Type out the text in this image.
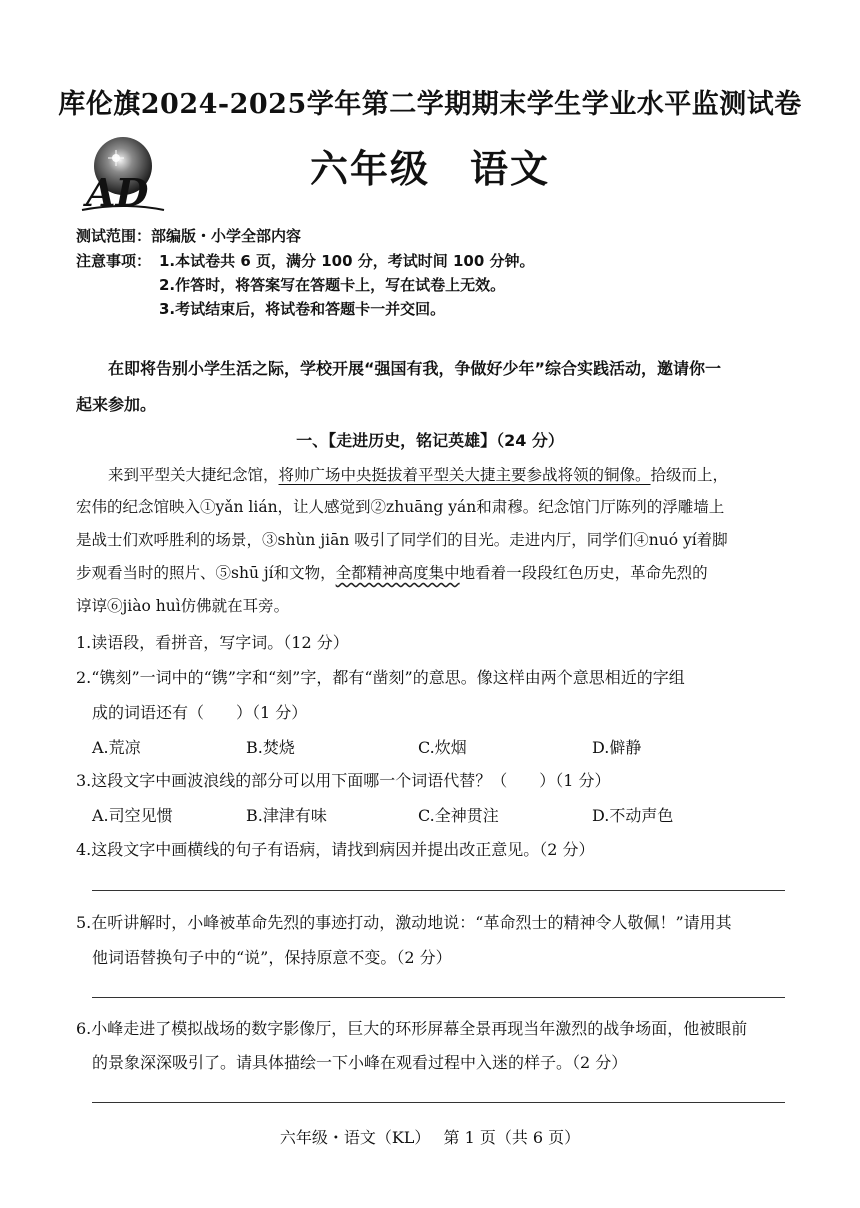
库伦旗2024-2025学年第二学期期末学生学业水平监测试卷
AD
六年级 语文
测试范围：部编版・小学全部内容
注意事项： 1.本试卷共 6 页，满分 100 分，考试时间 100 分钟。
2.作答时，将答案写在答题卡上，写在试卷上无效。
3.考试结束后，将试卷和答题卡一并交回。
在即将告别小学生活之际，学校开展“强国有我，争做好少年”综合实践活动，邀请你一
起来参加。
一、【走进历史，铭记英雄】（24 分）
来到平型关大捷纪念馆，将帅广场中央挺拔着平型关大捷主要参战将领的铜像。拾级而上，
宏伟的纪念馆映入①yǎn lián，让人感觉到②zhuāng yán和肃穆。纪念馆门厅陈列的浮雕墙上
是战士们欢呼胜利的场景，③shùn jiān 吸引了同学们的目光。走进内厅，同学们④nuó yí着脚
步观看当时的照片、⑤shū jí和文物，全都精神高度集中地看着一段段红色历史，革命先烈的
谆谆⑥jiào huì仿佛就在耳旁。
1.读语段，看拼音，写字词。（12 分）
2.“镌刻”一词中的“镌”字和“刻”字，都有“凿刻”的意思。像这样由两个意思相近的字组
成的词语还有（　　）（1 分）
A.荒凉	B.焚烧	C.炊烟	D.僻静
3.这段文字中画波浪线的部分可以用下面哪一个词语代替？（　　）（1 分）
A.司空见惯	B.津津有味	C.全神贯注	D.不动声色
4.这段文字中画横线的句子有语病，请找到病因并提出改正意见。（2 分）
5.在听讲解时，小峰被革命先烈的事迹打动，激动地说：“革命烈士的精神令人敬佩！”请用其
他词语替换句子中的“说”，保持原意不变。（2 分）
6.小峰走进了模拟战场的数字影像厅，巨大的环形屏幕全景再现当年激烈的战争场面，他被眼前
的景象深深吸引了。请具体描绘一下小峰在观看过程中入迷的样子。（2 分）
六年级・语文（KL）　 第 1 页（共 6 页）
